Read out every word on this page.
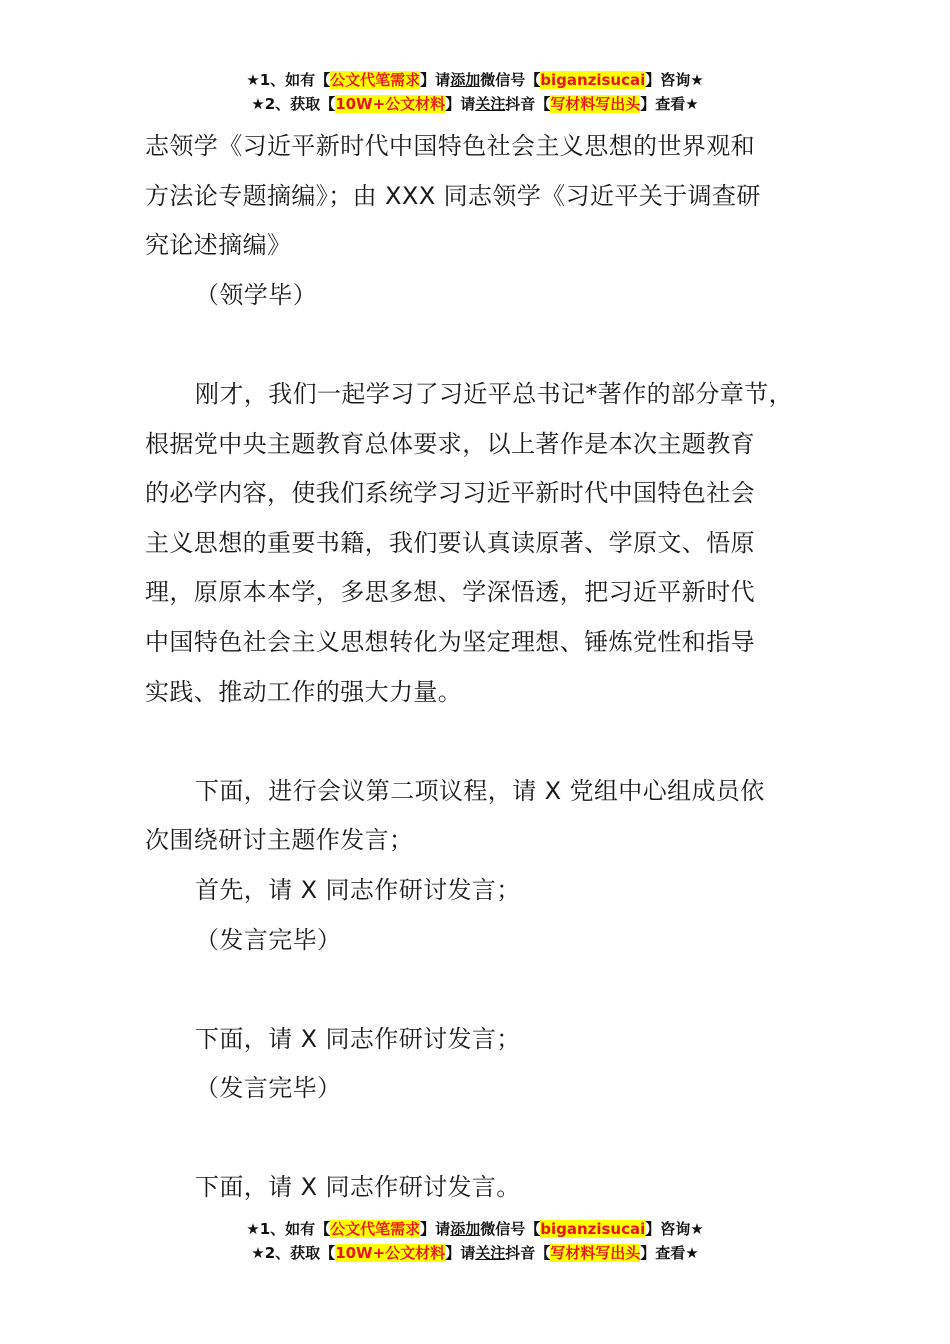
★1、如有【公文代笔需求】请添加微信号【biganzisucai】咨询★
★2、获取【10W+公文材料】请关注抖音【写材料写出头】查看★

志领学《习近平新时代中国特色社会主义思想的世界观和

方法论专题摘编》；由 XXX 同志领学《习近平关于调查研

究论述摘编》

（领学毕）

刚才，我们一起学习了习近平总书记*著作的部分章节，

根据党中央主题教育总体要求，以上著作是本次主题教育

的必学内容，使我们系统学习习近平新时代中国特色社会

主义思想的重要书籍，我们要认真读原著、学原文、悟原

理，原原本本学，多思多想、学深悟透，把习近平新时代

中国特色社会主义思想转化为坚定理想、锤炼党性和指导

实践、推动工作的强大力量。

下面，进行会议第二项议程，请 X 党组中心组成员依

次围绕研讨主题作发言；

首先，请 X 同志作研讨发言；

（发言完毕）

下面，请 X 同志作研讨发言；

（发言完毕）

下面，请 X 同志作研讨发言。

★1、如有【公文代笔需求】请添加微信号【biganzisucai】咨询★
★2、获取【10W+公文材料】请关注抖音【写材料写出头】查看★
